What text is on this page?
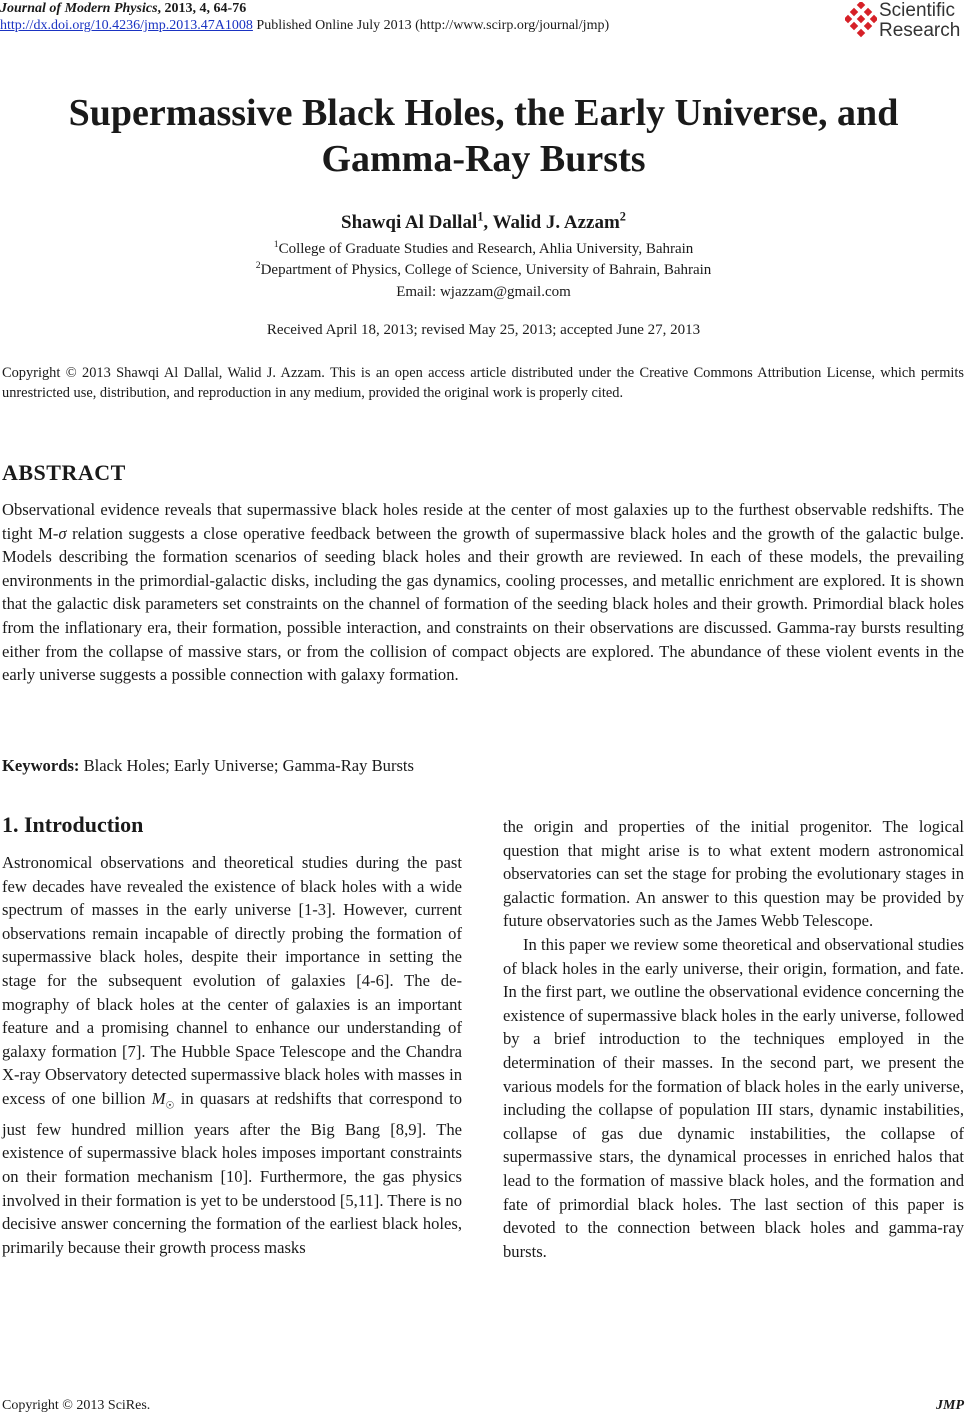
Journal of Modern Physics, 2013, 4, 64-76
http://dx.doi.org/10.4236/jmp.2013.47A1008 Published Online July 2013 (http://www.scirp.org/journal/jmp)
Scientific
Research
Supermassive Black Holes, the Early Universe, and
Gamma-Ray Bursts
Shawqi Al Dallal$^1$, Walid J. Azzam$^2$
$^1$College of Graduate Studies and Research, Ahlia University, Bahrain
$^2$Department of Physics, College of Science, University of Bahrain, Bahrain
Email: wjazzam@gmail.com
Received April 18, 2013; revised May 25, 2013; accepted June 27, 2013
Copyright © 2013 Shawqi Al Dallal, Walid J. Azzam. This is an open access article distributed under the Creative Commons Attribution License, which permits unrestricted use, distribution, and reproduction in any medium, provided the original work is properly cited.
ABSTRACT
Observational evidence reveals that supermassive black holes reside at the center of most galaxies up to the furthest observable redshifts. The tight M-σ relation suggests a close operative feedback between the growth of supermassive black holes and the growth of the galactic bulge. Models describing the formation scenarios of seeding black holes and their growth are reviewed. In each of these models, the prevailing environments in the primordial-galactic disks, including the gas dynamics, cooling processes, and metallic enrichment are explored. It is shown that the galactic disk parameters set constraints on the channel of formation of the seeding black holes and their growth. Primordial black holes from the inflationary era, their formation, possible interaction, and constraints on their observations are discussed. Gamma-ray bursts resulting either from the collapse of massive stars, or from the collision of compact objects are explored. The abundance of these violent events in the early universe suggests a possible connection with galaxy formation.
Keywords: Black Holes; Early Universe; Gamma-Ray Bursts
1. Introduction
Astronomical observations and theoretical studies during the past few decades have revealed the existence of black holes with a wide spectrum of masses in the early universe [1-3]. However, current observations remain incapable of directly probing the formation of supermassive black holes, despite their importance in setting the stage for the subsequent evolution of galaxies [4-6]. The demography of black holes at the center of galaxies is an important feature and a promising channel to enhance our understanding of galaxy formation [7]. The Hubble Space Telescope and the Chandra X-ray Observatory detected supermassive black holes with masses in excess of one billion $M_☉$ in quasars at redshifts that correspond to just few hundred million years after the Big Bang [8,9]. The existence of supermassive black holes imposes important constraints on their formation mechanism [10]. Furthermore, the gas physics involved in their formation is yet to be understood [5,11]. There is no decisive answer concerning the formation of the earliest black holes, primarily because their growth process masks
the origin and properties of the initial progenitor. The logical question that might arise is to what extent modern astronomical observatories can set the stage for probing the evolutionary stages in galactic formation. An answer to this question may be provided by future observatories such as the James Webb Telescope.
In this paper we review some theoretical and observational studies of black holes in the early universe, their origin, formation, and fate. In the first part, we outline the observational evidence concerning the existence of supermassive black holes in the early universe, followed by a brief introduction to the techniques employed in the determination of their masses. In the second part, we present the various models for the formation of black holes in the early universe, including the collapse of population III stars, dynamic instabilities, collapse of gas due dynamic instabilities, the collapse of supermassive stars, the dynamical processes in enriched halos that lead to the formation of massive black holes, and the formation and fate of primordial black holes. The last section of this paper is devoted to the connection between black holes and gamma-ray bursts.
Copyright © 2013 SciRes.	JMP
